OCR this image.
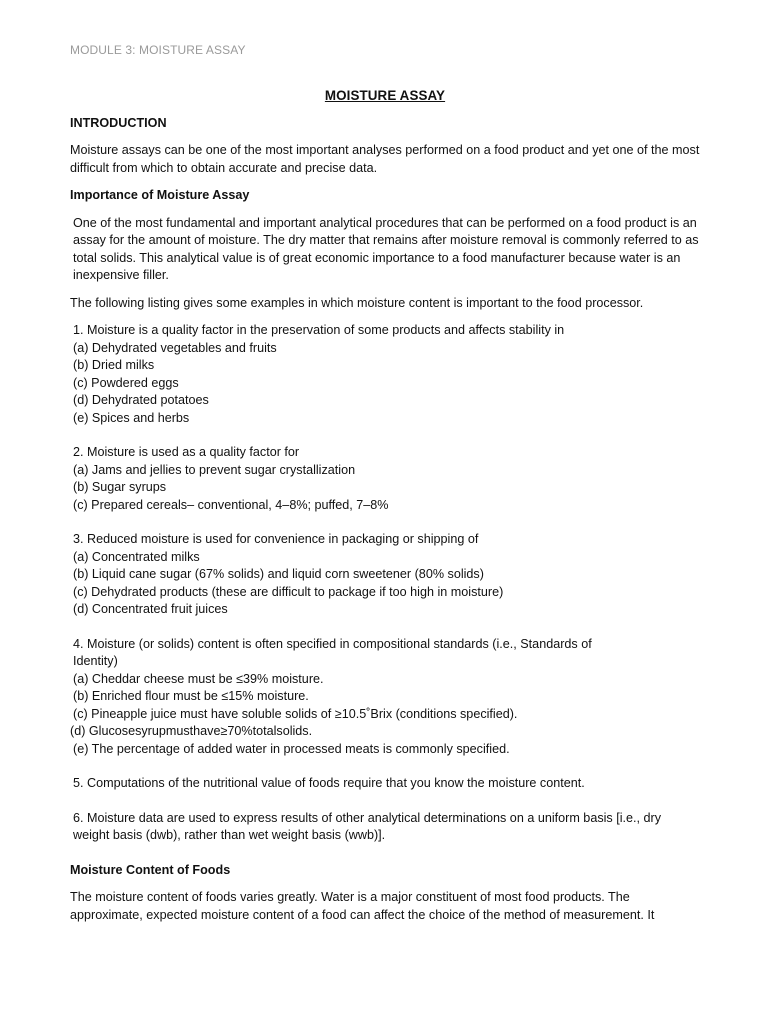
MODULE 3: MOISTURE ASSAY
MOISTURE ASSAY
INTRODUCTION
Moisture assays can be one of the most important analyses performed on a food product and yet one of the most difficult from which to obtain accurate and precise data.
Importance of Moisture Assay
One of the most fundamental and important analytical procedures that can be performed on a food product is an assay for the amount of moisture. The dry matter that remains after moisture removal is commonly referred to as total solids. This analytical value is of great economic importance to a food manufacturer because water is an inexpensive filler.
The following listing gives some examples in which moisture content is important to the food processor.
1. Moisture is a quality factor in the preservation of some products and affects stability in
(a) Dehydrated vegetables and fruits
(b) Dried milks
(c) Powdered eggs
(d) Dehydrated potatoes
(e) Spices and herbs
2. Moisture is used as a quality factor for
(a) Jams and jellies to prevent sugar crystallization
(b) Sugar syrups
(c) Prepared cereals– conventional, 4–8%; puffed, 7–8%
3. Reduced moisture is used for convenience in packaging or shipping of
(a) Concentrated milks
(b) Liquid cane sugar (67% solids) and liquid corn sweetener (80% solids)
(c) Dehydrated products (these are difficult to package if too high in moisture)
(d) Concentrated fruit juices
4. Moisture (or solids) content is often specified in compositional standards (i.e., Standards of Identity)
(a) Cheddar cheese must be ≤39% moisture.
(b) Enriched flour must be ≤15% moisture.
(c) Pineapple juice must have soluble solids of ≥10.5˚Brix (conditions specified).
(d) Glucosesyrupmusthave≥70%totalsolids.
(e) The percentage of added water in processed meats is commonly specified.
5. Computations of the nutritional value of foods require that you know the moisture content.
6. Moisture data are used to express results of other analytical determinations on a uniform basis [i.e., dry weight basis (dwb), rather than wet weight basis (wwb)].
Moisture Content of Foods
The moisture content of foods varies greatly. Water is a major constituent of most food products. The approximate, expected moisture content of a food can affect the choice of the method of measurement. It
